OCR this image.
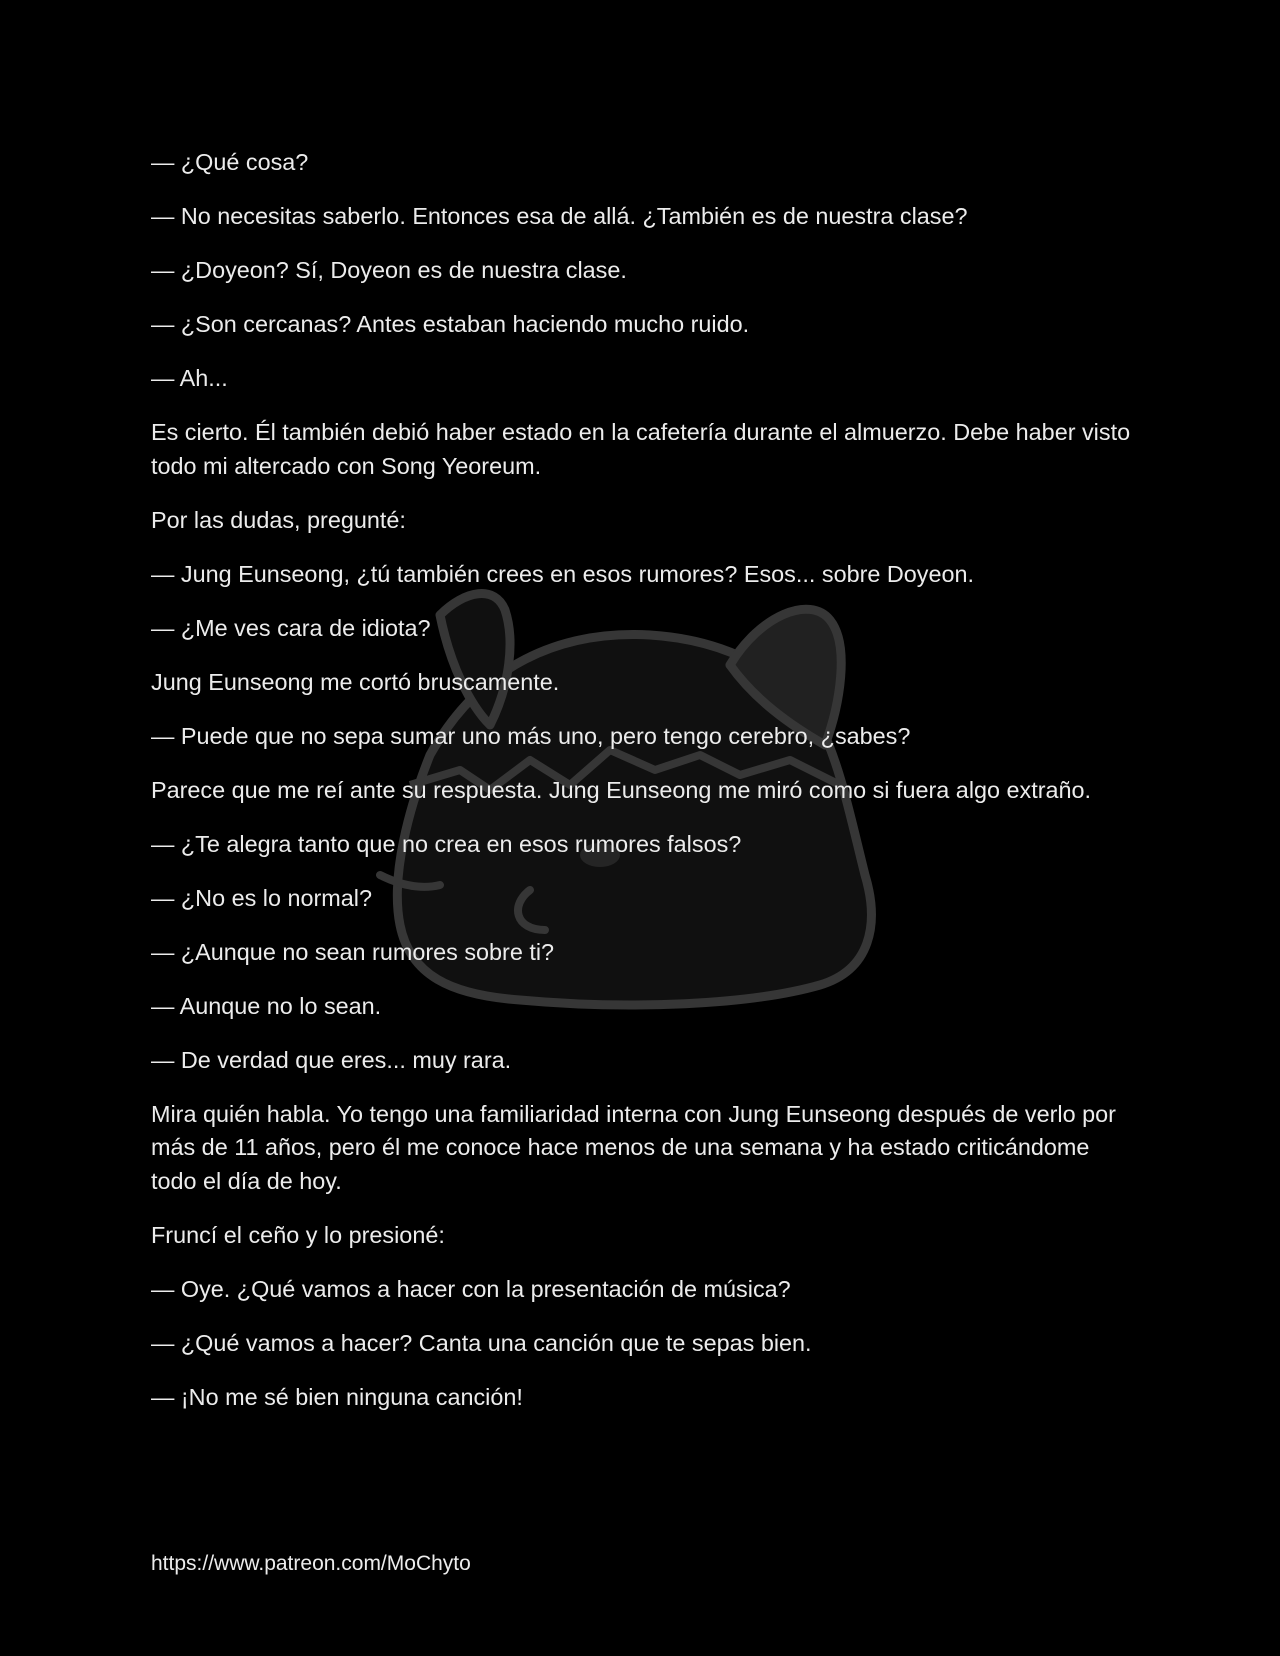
— ¿Qué cosa?

— No necesitas saberlo. Entonces esa de allá. ¿También es de nuestra clase?

— ¿Doyeon? Sí, Doyeon es de nuestra clase.

— ¿Son cercanas? Antes estaban haciendo mucho ruido.

— Ah...

Es cierto. Él también debió haber estado en la cafetería durante el almuerzo. Debe haber visto todo mi altercado con Song Yeoreum.

Por las dudas, pregunté:

— Jung Eunseong, ¿tú también crees en esos rumores? Esos... sobre Doyeon.

— ¿Me ves cara de idiota?

Jung Eunseong me cortó bruscamente.

— Puede que no sepa sumar uno más uno, pero tengo cerebro, ¿sabes?

Parece que me reí ante su respuesta. Jung Eunseong me miró como si fuera algo extraño.

— ¿Te alegra tanto que no crea en esos rumores falsos?

— ¿No es lo normal?

— ¿Aunque no sean rumores sobre ti?

— Aunque no lo sean.

— De verdad que eres... muy rara.

Mira quién habla. Yo tengo una familiaridad interna con Jung Eunseong después de verlo por más de 11 años, pero él me conoce hace menos de una semana y ha estado criticándome todo el día de hoy.

Fruncí el ceño y lo presioné:

— Oye. ¿Qué vamos a hacer con la presentación de música?

— ¿Qué vamos a hacer? Canta una canción que te sepas bien.

— ¡No me sé bien ninguna canción!

https://www.patreon.com/MoChyto
